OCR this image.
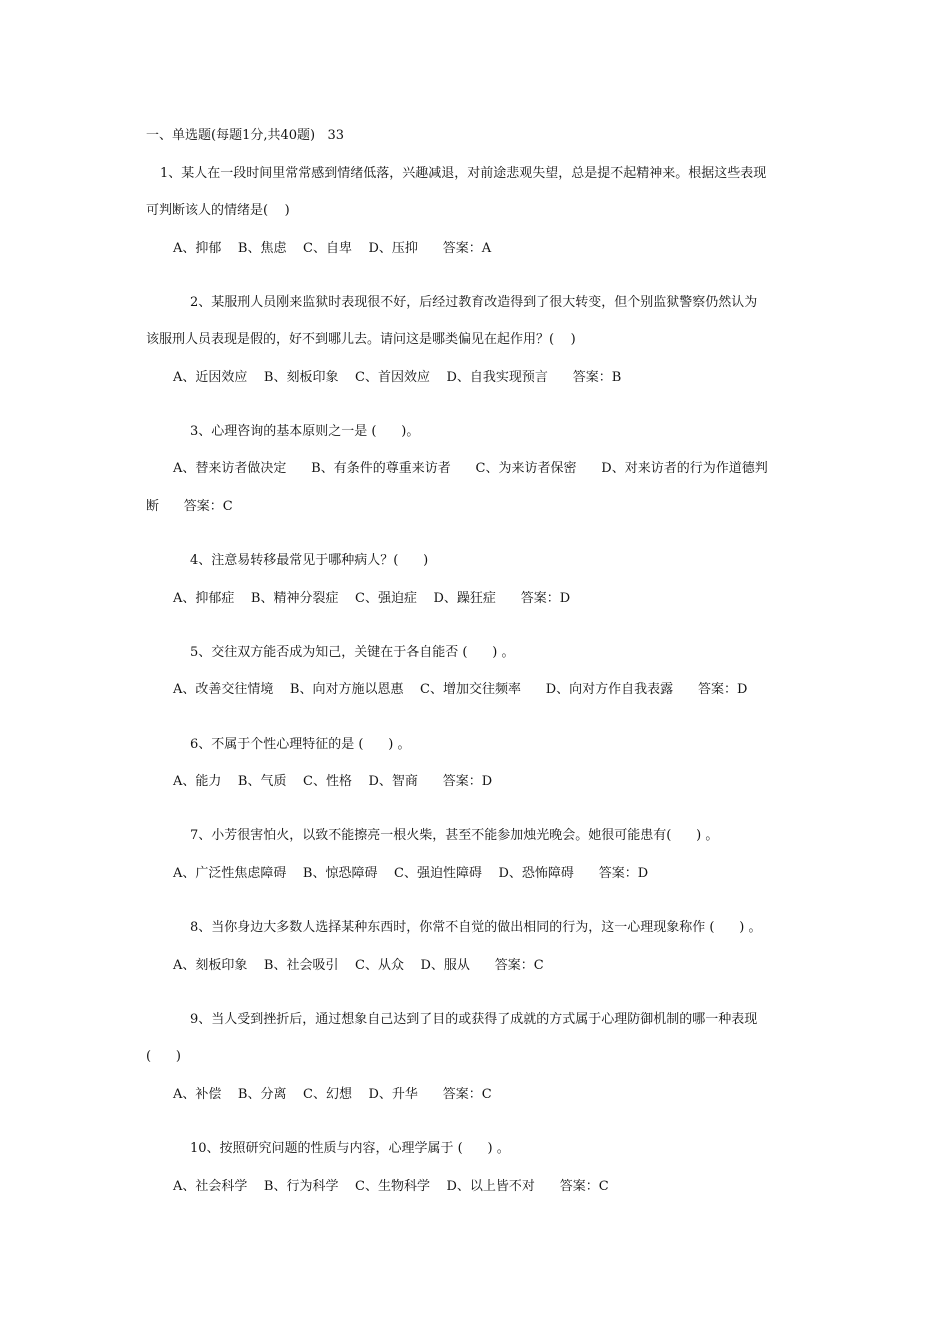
一、单选题(每题1分,共40题)   33
1、某人在一段时间里常常感到情绪低落，兴趣减退，对前途悲观失望，总是提不起精神来。根据这些表现
可判断该人的情绪是(    )
A、抑郁    B、焦虑    C、自卑    D、压抑      答案：A
2、某服刑人员刚来监狱时表现很不好，后经过教育改造得到了很大转变，但个别监狱警察仍然认为
该服刑人员表现是假的，好不到哪儿去。请问这是哪类偏见在起作用？(    )
A、近因效应    B、刻板印象    C、首因效应    D、自我实现预言      答案：B
3、心理咨询的基本原则之一是 (      )。
A、替来访者做决定      B、有条件的尊重来访者      C、为来访者保密      D、对来访者的行为作道德判
断      答案：C
4、注意易转移最常见于哪种病人？(      )
A、抑郁症    B、精神分裂症    C、强迫症    D、躁狂症      答案：D
5、交往双方能否成为知己，关键在于各自能否 (      ) 。
A、改善交往情境    B、向对方施以恩惠    C、增加交往频率      D、向对方作自我表露      答案：D
6、不属于个性心理特征的是 (      ) 。
A、能力    B、气质    C、性格    D、智商      答案：D
7、小芳很害怕火，以致不能擦亮一根火柴，甚至不能参加烛光晚会。她很可能患有(      ) 。
A、广泛性焦虑障碍    B、惊恐障碍    C、强迫性障碍    D、恐怖障碍      答案：D
8、当你身边大多数人选择某种东西时，你常不自觉的做出相同的行为，这一心理现象称作 (      ) 。
A、刻板印象    B、社会吸引    C、从众    D、服从      答案：C
9、当人受到挫折后，通过想象自己达到了目的或获得了成就的方式属于心理防御机制的哪一种表现
(      )
A、补偿    B、分离    C、幻想    D、升华      答案：C
10、按照研究问题的性质与内容，心理学属于 (      ) 。
A、社会科学    B、行为科学    C、生物科学    D、以上皆不对      答案：C
